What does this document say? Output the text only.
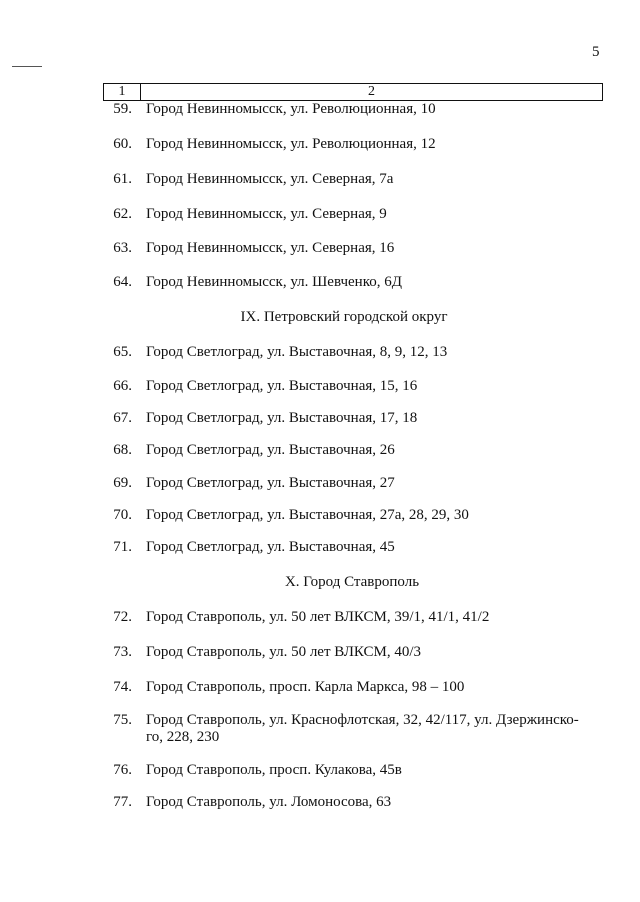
5
1	2
59. Город Невинномысск, ул. Революционная, 10
60. Город Невинномысск, ул. Революционная, 12
61. Город Невинномысск, ул. Северная, 7а
62. Город Невинномысск, ул. Северная, 9
63. Город Невинномысск, ул. Северная, 16
64. Город Невинномысск, ул. Шевченко, 6Д
IX. Петровский городской округ
65. Город Светлоград, ул. Выставочная, 8, 9, 12, 13
66. Город Светлоград, ул. Выставочная, 15, 16
67. Город Светлоград, ул. Выставочная, 17, 18
68. Город Светлоград, ул. Выставочная, 26
69. Город Светлоград, ул. Выставочная, 27
70. Город Светлоград, ул. Выставочная, 27а, 28, 29, 30
71. Город Светлоград, ул. Выставочная, 45
X. Город Ставрополь
72. Город Ставрополь, ул. 50 лет ВЛКСМ, 39/1, 41/1, 41/2
73. Город Ставрополь, ул. 50 лет ВЛКСМ, 40/3
74. Город Ставрополь, просп. Карла Маркса, 98 – 100
75. Город Ставрополь, ул. Краснофлотская, 32, 42/117, ул. Дзержинско-
го, 228, 230
76. Город Ставрополь, просп. Кулакова, 45в
77. Город Ставрополь, ул. Ломоносова, 63
